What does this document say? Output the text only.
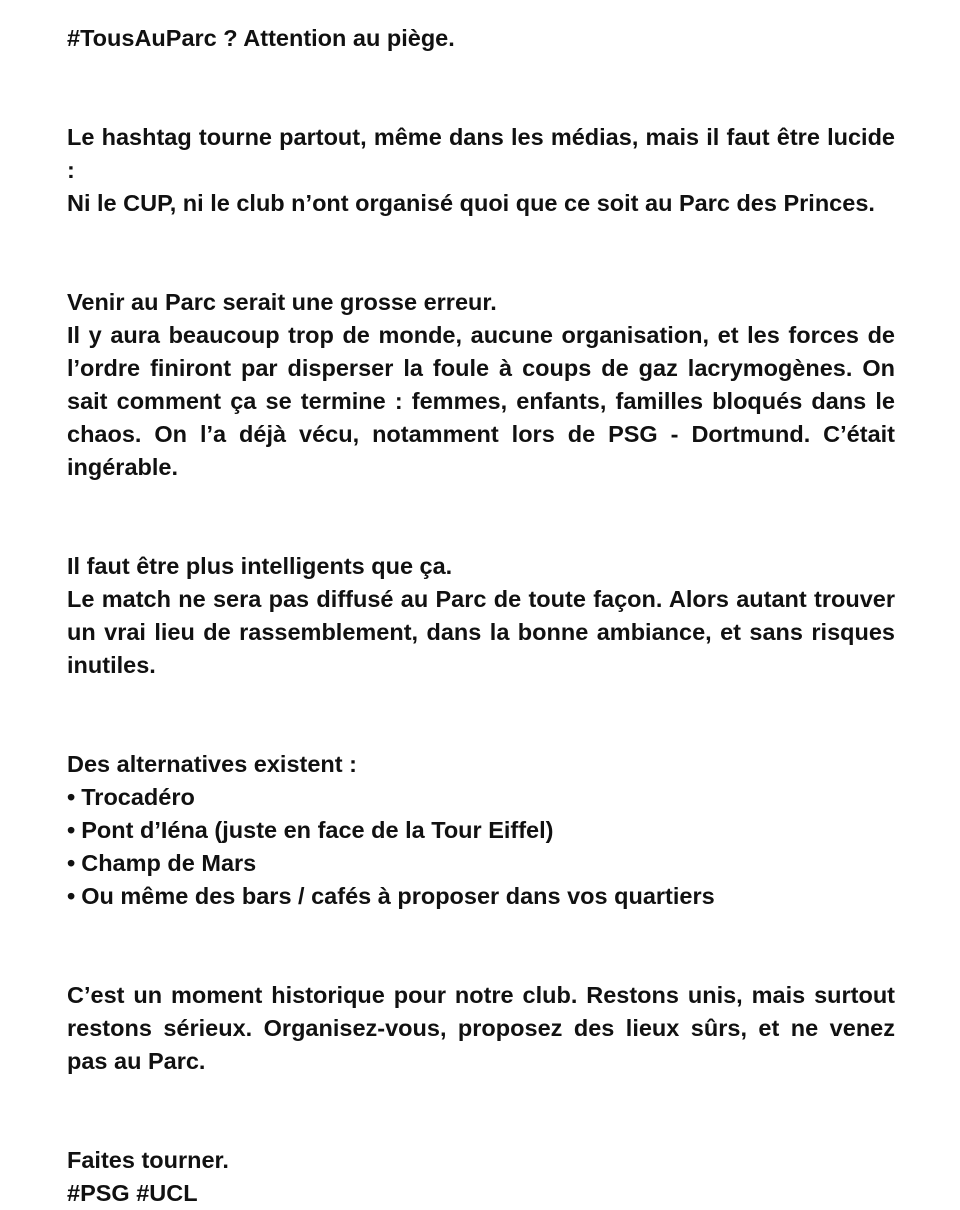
#TousAuParc ? Attention au piège.

Le hashtag tourne partout, même dans les médias, mais il faut être lucide :
Ni le CUP, ni le club n’ont organisé quoi que ce soit au Parc des Princes.

Venir au Parc serait une grosse erreur.
Il y aura beaucoup trop de monde, aucune organisation, et les forces de l’ordre finiront par disperser la foule à coups de gaz lacrymogènes. On sait comment ça se termine : femmes, enfants, familles bloqués dans le chaos. On l’a déjà vécu, notamment lors de PSG - Dortmund. C’était ingérable.

Il faut être plus intelligents que ça.
Le match ne sera pas diffusé au Parc de toute façon. Alors autant trouver un vrai lieu de rassemblement, dans la bonne ambiance, et sans risques inutiles.

Des alternatives existent :

• Trocadéro
• Pont d’Iéna (juste en face de la Tour Eiffel)
• Champ de Mars
• Ou même des bars / cafés à proposer dans vos quartiers

C’est un moment historique pour notre club. Restons unis, mais surtout restons sérieux. Organisez-vous, proposez des lieux sûrs, et ne venez pas au Parc.

Faites tourner.

#PSG #UCL
